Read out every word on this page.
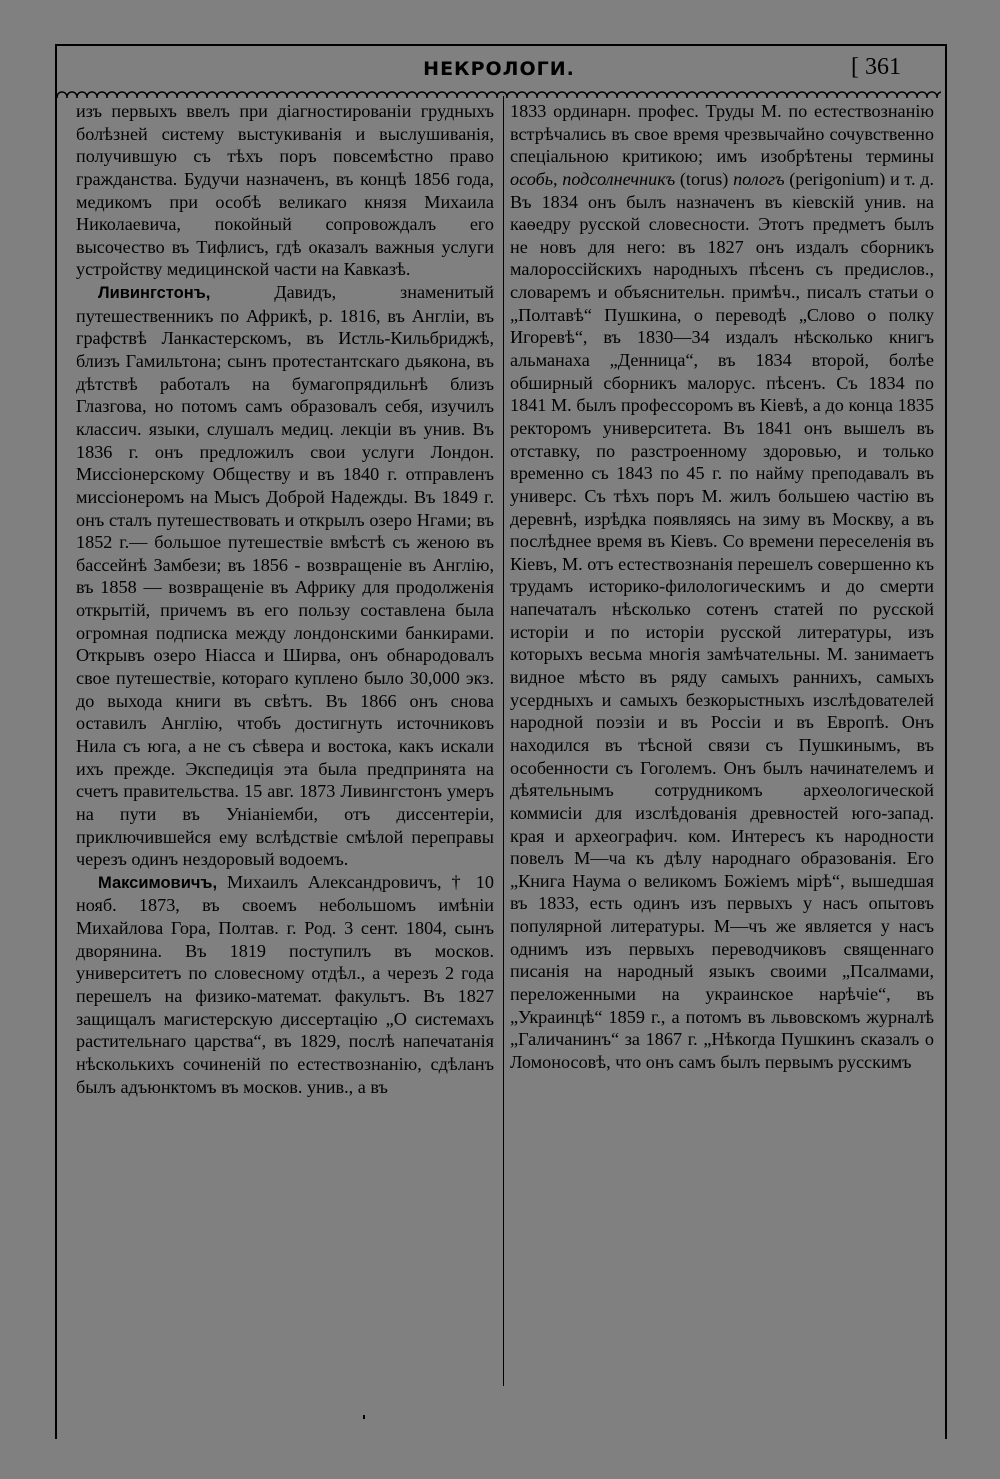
НЕКРОЛОГИ.	[ 361

изъ первыхъ ввелъ при діагностированіи грудныхъ болѣзней систему выстукиванія и выслушиванія, получившую съ тѣхъ поръ повсемѣстно право гражданства. Будучи назначенъ, въ концѣ 1856 года, медикомъ при особѣ великаго князя Михаила Николаевича, покойный сопровождалъ его высочество въ Тифлисъ, гдѣ оказалъ важныя услуги устройству медицинской части на Кавказѣ.

Ливингстонъ, Давидъ, знаменитый путешественникъ по Африкѣ, р. 1816, въ Англіи, въ графствѣ Ланкастерскомъ, въ Истль-Кильбриджѣ, близъ Гамильтона; сынъ протестантскаго дьякона, въ дѣтствѣ работалъ на бумагопрядильнѣ близъ Глазгова, но потомъ самъ образовалъ себя, изучилъ классич. языки, слушалъ медиц. лекціи въ унив. Въ 1836 г. онъ предложилъ свои услуги Лондон. Миссіонерскому Обществу и въ 1840 г. отправленъ миссіонеромъ на Мысъ Доброй Надежды. Въ 1849 г. онъ сталъ путешествовать и открылъ озеро Нгами; въ 1852 г.— большое путешествіе вмѣстѣ съ женою въ бассейнѣ Замбези; въ 1856 - возвращеніе въ Англію, въ 1858 — возвращеніе въ Африку для продолженія открытій, причемъ въ его пользу составлена была огромная подписка между лондонскими банкирами. Открывъ озеро Ніасса и Ширва, онъ обнародовалъ свое путешествіе, котораго куплено было 30,000 экз. до выхода книги въ свѣтъ. Въ 1866 онъ снова оставилъ Англію, чтобъ достигнуть источниковъ Нила съ юга, а не съ сѣвера и востока, какъ искали ихъ прежде. Экспедиція эта была предпринята на счетъ правительства. 15 авг. 1873 Ливингстонъ умеръ на пути въ Уніаніемби, отъ диссентеріи, приключившейся ему вслѣдствіе смѣлой переправы черезъ одинъ нездоровый водоемъ.

Максимовичъ, Михаилъ Александровичъ, † 10 нояб. 1873, въ своемъ небольшомъ имѣніи Михайлова Гора, Полтав. г. Род. 3 сент. 1804, сынъ дворянина. Въ 1819 поступилъ въ москов. университетъ по словесному отдѣл., а черезъ 2 года перешелъ на физико-математ. факультъ. Въ 1827 защищалъ магистерскую диссертацію „О системахъ растительнаго царства“, въ 1829, послѣ напечатанія нѣсколькихъ сочиненій по естествознанію, сдѣланъ былъ адъюнктомъ въ москов. унив., а въ

1833 ординарн. профес. Труды М. по естествознанію встрѣчались въ свое время чрезвычайно сочувственно спеціальною критикою; имъ изобрѣтены термины особь, подсолнечникъ (torus) пологъ (perigonium) и т. д. Въ 1834 онъ былъ назначенъ въ кіевскій унив. на каѳедру русской словесности. Этотъ предметъ былъ не новъ для него: въ 1827 онъ издалъ сборникъ малороссійскихъ народныхъ пѣсенъ съ предислов., словаремъ и объяснительн. примѣч., писалъ статьи о „Полтавѣ“ Пушкина, о переводѣ „Слово о полку Игоревѣ“, въ 1830—34 издалъ нѣсколько книгъ альманаха „Денница“, въ 1834 второй, болѣе обширный сборникъ малорус. пѣсенъ. Съ 1834 по 1841 М. былъ профессоромъ въ Кіевѣ, а до конца 1835 ректоромъ университета. Въ 1841 онъ вышелъ въ отставку, по разстроенному здоровью, и только временно съ 1843 по 45 г. по найму преподавалъ въ универс. Съ тѣхъ поръ М. жилъ большею частію въ деревнѣ, изрѣдка появляясь на зиму въ Москву, а въ послѣднее время въ Кіевъ. Со времени переселенія въ Кіевъ, М. отъ естествознанія перешелъ совершенно къ трудамъ историко-филологическимъ и до смерти напечаталъ нѣсколько сотенъ статей по русской исторіи и по исторіи русской литературы, изъ которыхъ весьма многія замѣчательны. М. занимаетъ видное мѣсто въ ряду самыхъ раннихъ, самыхъ усердныхъ и самыхъ безкорыстныхъ изслѣдователей народной поэзіи и въ Россіи и въ Европѣ. Онъ находился въ тѣсной связи съ Пушкинымъ, въ особенности съ Гоголемъ. Онъ былъ начинателемъ и дѣятельнымъ сотрудникомъ археологической коммисіи для изслѣдованія древностей юго-запад. края и археографич. ком. Интересъ къ народности повелъ М—ча къ дѣлу народнаго образованія. Его „Книга Наума о великомъ Божіемъ мірѣ“, вышедшая въ 1833, есть одинъ изъ первыхъ у насъ опытовъ популярной литературы. М—чъ же является у насъ однимъ изъ первыхъ переводчиковъ священнаго писанія на народный языкъ своими „Псалмами, переложенными на украинское нарѣчіе“, въ „Украинцѣ“ 1859 г., а потомъ въ львовскомъ журналѣ „Галичанинъ“ за 1867 г. „Нѣкогда Пушкинъ сказалъ о Ломоносовѣ, что онъ самъ былъ первымъ русскимъ
